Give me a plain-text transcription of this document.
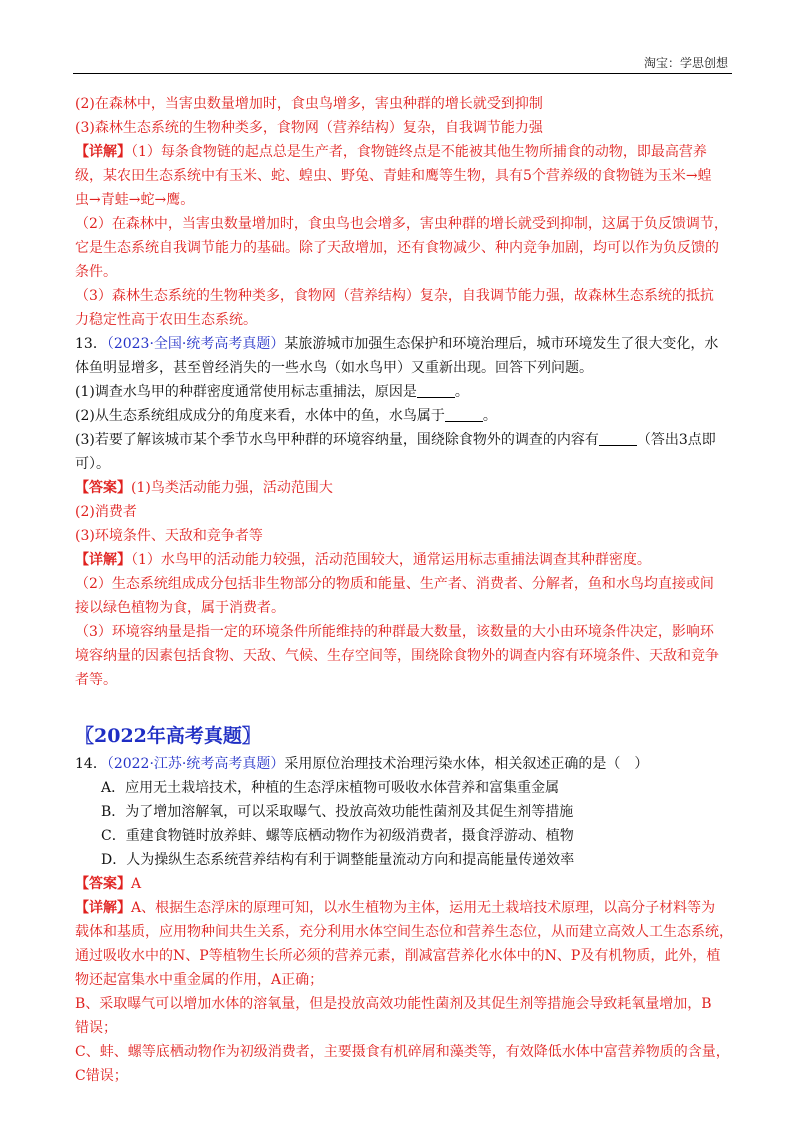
淘宝：学思创想
(2)在森林中，当害虫数量增加时，食虫鸟增多，害虫种群的增长就受到抑制
(3)森林生态系统的生物种类多，食物网（营养结构）复杂，自我调节能力强
【详解】（1）每条食物链的起点总是生产者，食物链终点是不能被其他生物所捕食的动物，即最高营养
级，某农田生态系统中有玉米、蛇、蝗虫、野兔、青蛙和鹰等生物，具有5个营养级的食物链为玉米→蝗
虫→青蛙→蛇→鹰。
（2）在森林中，当害虫数量增加时，食虫鸟也会增多，害虫种群的增长就受到抑制，这属于负反馈调节，
它是生态系统自我调节能力的基础。除了天敌增加，还有食物减少、种内竞争加剧，均可以作为负反馈的
条件。
（3）森林生态系统的生物种类多，食物网（营养结构）复杂，自我调节能力强，故森林生态系统的抵抗
力稳定性高于农田生态系统。
13．（2023·全国·统考高考真题）某旅游城市加强生态保护和环境治理后，城市环境发生了很大变化，水
体鱼明显增多，甚至曾经消失的一些水鸟（如水鸟甲）又重新出现。回答下列问题。
(1)调查水鸟甲的种群密度通常使用标志重捕法，原因是	。
(2)从生态系统组成成分的角度来看，水体中的鱼，水鸟属于	。
(3)若要了解该城市某个季节水鸟甲种群的环境容纳量，围绕除食物外的调查的内容有	（答出3点即
可）。
【答案】(1)鸟类活动能力强，活动范围大
(2)消费者
(3)环境条件、天敌和竞争者等
【详解】（1）水鸟甲的活动能力较强，活动范围较大，通常运用标志重捕法调查其种群密度。
（2）生态系统组成成分包括非生物部分的物质和能量、生产者、消费者、分解者，鱼和水鸟均直接或间
接以绿色植物为食，属于消费者。
（3）环境容纳量是指一定的环境条件所能维持的种群最大数量，该数量的大小由环境条件决定，影响环
境容纳量的因素包括食物、天敌、气候、生存空间等，围绕除食物外的调查内容有环境条件、天敌和竞争
者等。
〖2022年高考真题〗
14．（2022·江苏·统考高考真题）采用原位治理技术治理污染水体，相关叙述正确的是（　）
A．应用无土栽培技术，种植的生态浮床植物可吸收水体营养和富集重金属
B．为了增加溶解氧，可以采取曝气、投放高效功能性菌剂及其促生剂等措施
C．重建食物链时放养蚌、螺等底栖动物作为初级消费者，摄食浮游动、植物
D．人为操纵生态系统营养结构有利于调整能量流动方向和提高能量传递效率
【答案】A
【详解】A、根据生态浮床的原理可知，以水生植物为主体，运用无土栽培技术原理，以高分子材料等为
载体和基质，应用物种间共生关系，充分利用水体空间生态位和营养生态位，从而建立高效人工生态系统，
通过吸收水中的N、P等植物生长所必须的营养元素，削减富营养化水体中的N、P及有机物质，此外，植
物还起富集水中重金属的作用，A正确；
B、采取曝气可以增加水体的溶氧量，但是投放高效功能性菌剂及其促生剂等措施会导致耗氧量增加，B
错误；
C、蚌、螺等底栖动物作为初级消费者，主要摄食有机碎屑和藻类等，有效降低水体中富营养物质的含量，
C错误；
